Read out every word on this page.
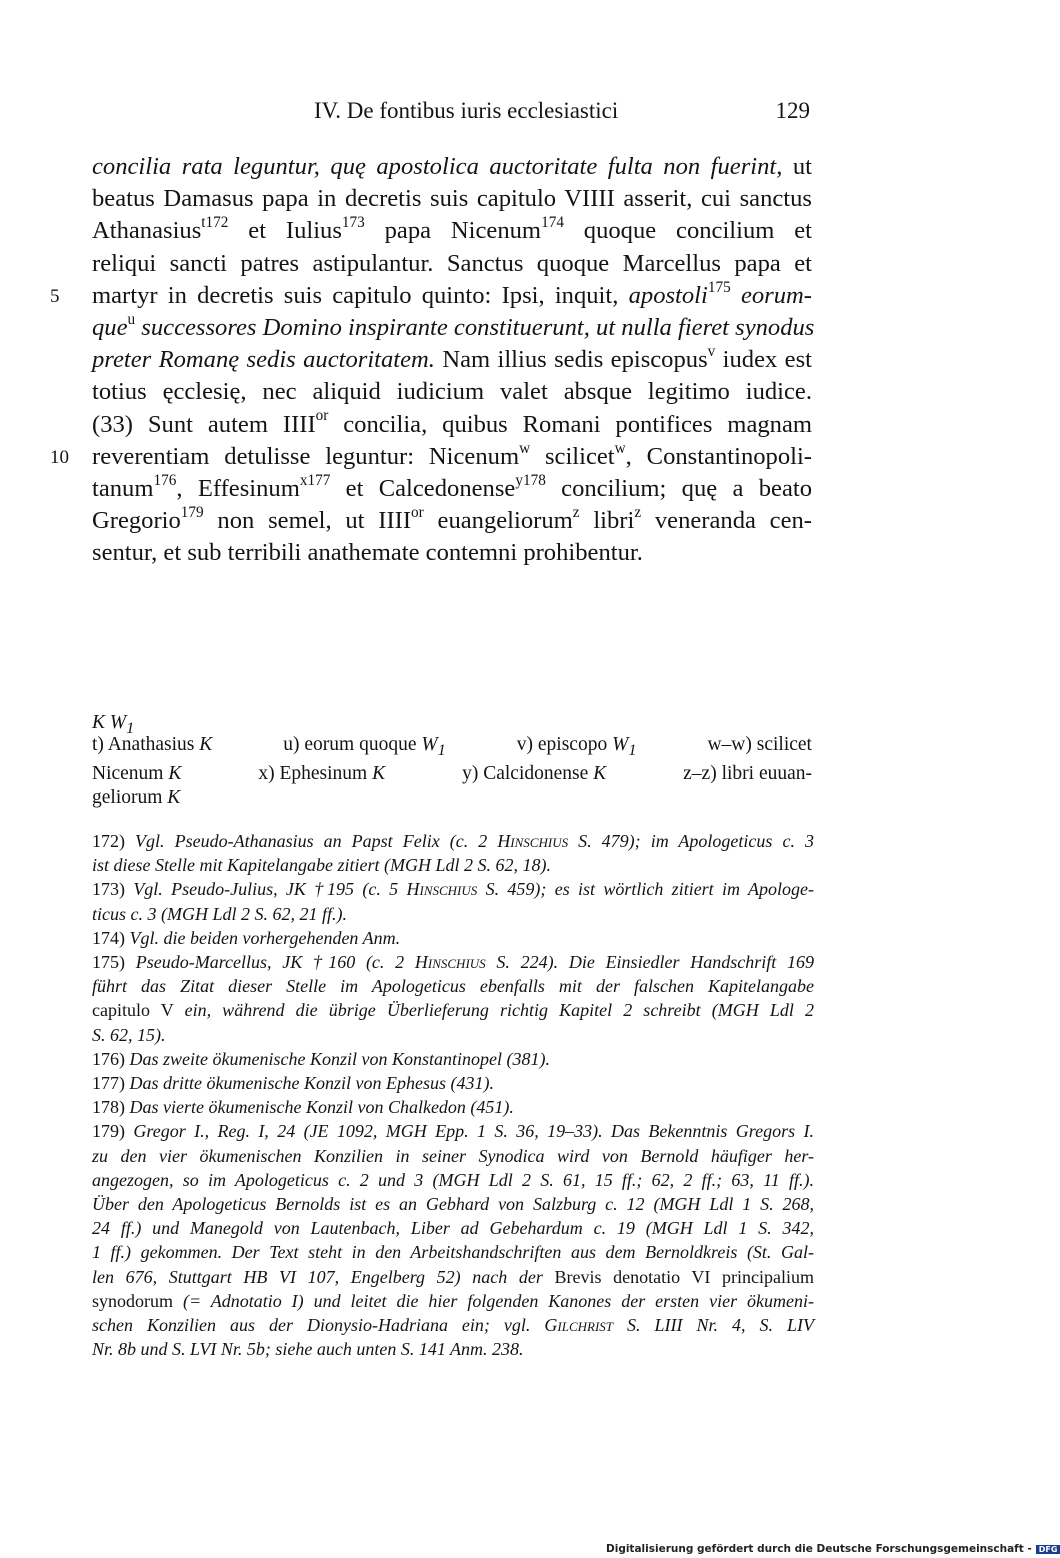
IV. De fontibus iuris ecclesiastici	129
concilia rata leguntur, quę apostolica auctoritate fulta non fuerint, ut
beatus Damasus papa in decretis suis capitulo VIIII asserit, cui sanctus
Athanasius$^{t172}$ et Iulius$^{173}$ papa Nicenum$^{174}$ quoque concilium et
reliqui sancti patres astipulantur. Sanctus quoque Marcellus papa et
5 martyr in decretis suis capitulo quinto: Ipsi, inquit, apostoli$^{175}$ eorum-
que$^u$ successores Domino inspirante constituerunt, ut nulla fieret synodus
preter Romanę sedis auctoritatem. Nam illius sedis episcopus$^v$ iudex est
totius ęcclesię, nec aliquid iudicium valet absque legitimo iudice.
(33) Sunt autem $IIII^{or}$ concilia, quibus Romani pontifices magnam
10 reverentiam detulisse leguntur: Nicenum$^w$ scilicet$^w$, Constantinopoli-
tanum$^{176}$, Effesinum$^{x177}$ et Calcedonense$^{y178}$ concilium; quę a beato
Gregorio$^{179}$ non semel, ut $IIII^{or}$ euangeliorum$^z$ libri$^z$ veneranda cen-
sentur, et sub terribili anathemate contemni prohibentur.
K $W_1$
t) Anathasius K	u) eorum quoque $W_1$	v) episcopo $W_1$	w–w) scilicet
Nicenum K	x) Ephesinum K	y) Calcidonense K	z–z) libri euuan-
geliorum K
172) Vgl. Pseudo-Athanasius an Papst Felix (c. 2 Hinschius S. 479); im Apologeticus c. 3
ist diese Stelle mit Kapitelangabe zitiert (MGH Ldl 2 S. 62, 18).
173) Vgl. Pseudo-Julius, JK †195 (c. 5 Hinschius S. 459); es ist wörtlich zitiert im Apologe-
ticus c. 3 (MGH Ldl 2 S. 62, 21 ff.).
174) Vgl. die beiden vorhergehenden Anm.
175) Pseudo-Marcellus, JK †160 (c. 2 Hinschius S. 224). Die Einsiedler Handschrift 169
führt das Zitat dieser Stelle im Apologeticus ebenfalls mit der falschen Kapitelangabe
capitulo V ein, während die übrige Überlieferung richtig Kapitel 2 schreibt (MGH Ldl 2
S. 62, 15).
176) Das zweite ökumenische Konzil von Konstantinopel (381).
177) Das dritte ökumenische Konzil von Ephesus (431).
178) Das vierte ökumenische Konzil von Chalkedon (451).
179) Gregor I., Reg. I, 24 (JE 1092, MGH Epp. 1 S. 36, 19–33). Das Bekenntnis Gregors I.
zu den vier ökumenischen Konzilien in seiner Synodica wird von Bernold häufiger her-
angezogen, so im Apologeticus c. 2 und 3 (MGH Ldl 2 S. 61, 15 ff.; 62, 2 ff.; 63, 11 ff.).
Über den Apologeticus Bernolds ist es an Gebhard von Salzburg c. 12 (MGH Ldl 1 S. 268,
24 ff.) und Manegold von Lautenbach, Liber ad Gebehardum c. 19 (MGH Ldl 1 S. 342,
1 ff.) gekommen. Der Text steht in den Arbeitshandschriften aus dem Bernoldkreis (St. Gal-
len 676, Stuttgart HB VI 107, Engelberg 52) nach der Brevis denotatio VI principalium
synodorum (= Adnotatio I) und leitet die hier folgenden Kanones der ersten vier ökumeni-
schen Konzilien aus der Dionysio-Hadriana ein; vgl. Gilchrist S. LIII Nr. 4, S. LIV
Nr. 8b und S. LVI Nr. 5b; siehe auch unten S. 141 Anm. 238.
Digitalisierung gefördert durch die Deutsche Forschungsgemeinschaft - DFG
